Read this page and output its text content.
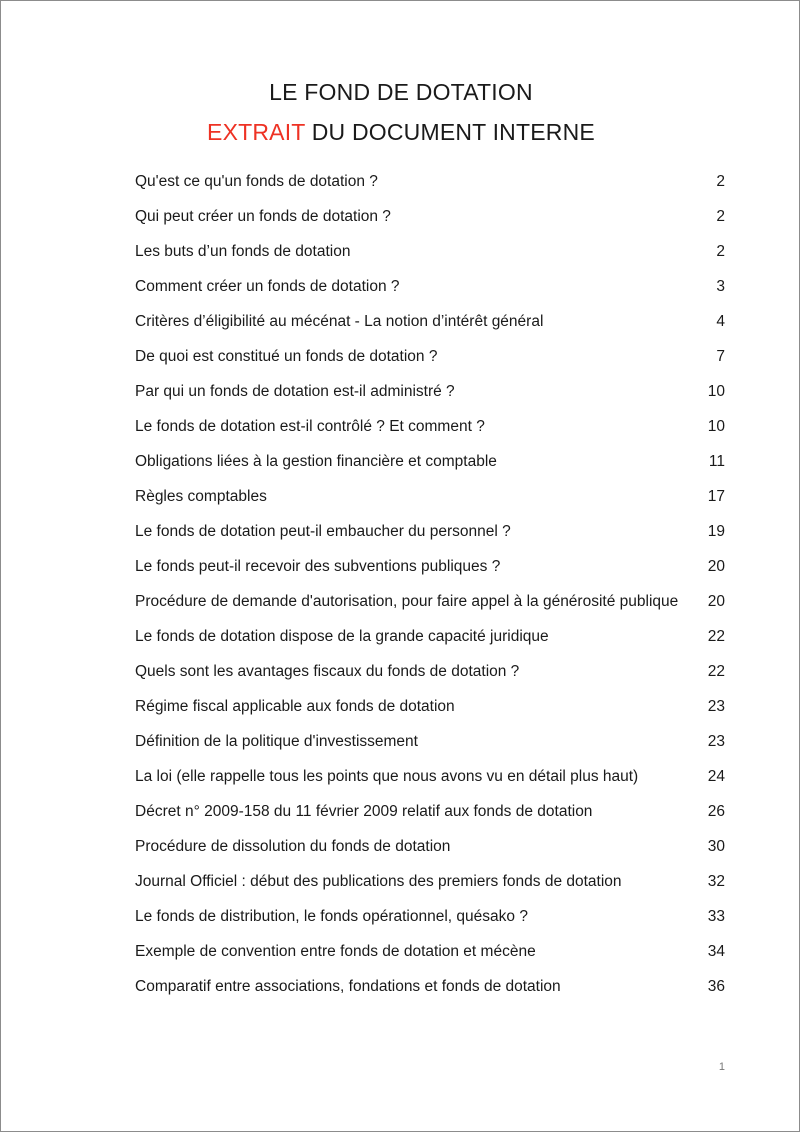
LE FOND DE DOTATION
EXTRAIT DU DOCUMENT INTERNE
Qu'est ce qu'un fonds de dotation ?	2
Qui peut créer un fonds de dotation ?	2
Les buts d’un fonds de dotation	2
Comment créer un fonds de dotation ?	3
Critères d’éligibilité au mécénat - La notion d’intérêt général	4
De quoi est constitué un fonds de dotation ?	7
Par qui un fonds de dotation est-il administré ?	10
Le fonds de dotation est-il contrôlé ? Et comment ?	10
Obligations liées à la gestion financière et comptable	11
Règles comptables	17
Le fonds de dotation peut-il embaucher du personnel ?	19
Le fonds peut-il recevoir des subventions publiques ?	20
Procédure de demande d'autorisation, pour faire appel à la générosité publique 20
Le fonds de dotation dispose de la grande capacité juridique	22
Quels sont les avantages fiscaux du fonds de dotation ?	22
Régime fiscal applicable aux fonds de dotation	23
Définition de la politique d'investissement	23
La loi (elle rappelle tous les points que nous avons vu en détail plus haut)	24
Décret n° 2009-158 du 11 février 2009 relatif aux fonds de dotation	26
Procédure de dissolution du fonds de dotation	30
Journal Officiel : début des publications des premiers fonds de dotation	32
Le fonds de distribution, le fonds opérationnel, quésako ?	33
Exemple de convention entre fonds de dotation et mécène	34
Comparatif entre associations, fondations et fonds de dotation	36
1
